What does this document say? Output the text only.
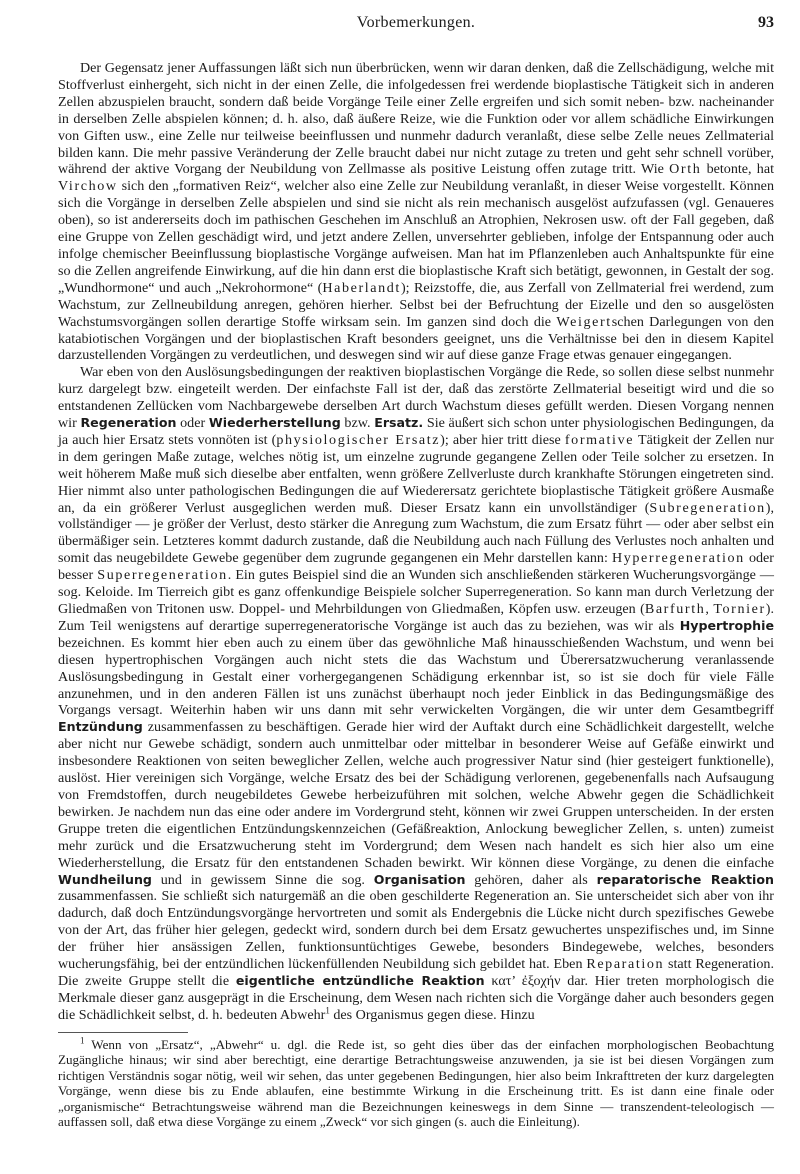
Vorbemerkungen.	93

Der Gegensatz jener Auffassungen läßt sich nun überbrücken, wenn wir daran denken, daß die Zellschädigung, welche mit Stoffverlust einhergeht, sich nicht in der einen Zelle, die infolgedessen frei werdende bioplastische Tätigkeit sich in anderen Zellen abzuspielen braucht, sondern daß beide Vorgänge Teile einer Zelle ergreifen und sich somit neben- bzw. nacheinander in derselben Zelle abspielen können; d. h. also, daß äußere Reize, wie die Funktion oder vor allem schädliche Einwirkungen von Giften usw., eine Zelle nur teilweise beeinflussen und nunmehr dadurch veranlaßt, diese selbe Zelle neues Zellmaterial bilden kann. Die mehr passive Veränderung der Zelle braucht dabei nur nicht zutage zu treten und geht sehr schnell vorüber, während der aktive Vorgang der Neubildung von Zellmasse als positive Leistung offen zutage tritt. Wie Orth betonte, hat Virchow sich den „formativen Reiz“, welcher also eine Zelle zur Neubildung veranlaßt, in dieser Weise vorgestellt. Können sich die Vorgänge in derselben Zelle abspielen und sind sie nicht als rein mechanisch ausgelöst aufzufassen (vgl. Genaueres oben), so ist andererseits doch im pathischen Geschehen im Anschluß an Atrophien, Nekrosen usw. oft der Fall gegeben, daß eine Gruppe von Zellen geschädigt wird, und jetzt andere Zellen, unversehrter geblieben, infolge der Entspannung oder auch infolge chemischer Beeinflussung bioplastische Vorgänge aufweisen. Man hat im Pflanzenleben auch Anhaltspunkte für eine so die Zellen angreifende Einwirkung, auf die hin dann erst die bioplastische Kraft sich betätigt, gewonnen, in Gestalt der sog. „Wundhormone“ und auch „Nekrohormone“ (Haberlandt); Reizstoffe, die, aus Zerfall von Zellmaterial frei werdend, zum Wachstum, zur Zellneubildung anregen, gehören hierher. Selbst bei der Befruchtung der Eizelle und den so ausgelösten Wachstumsvorgängen sollen derartige Stoffe wirksam sein. Im ganzen sind doch die Weigertschen Darlegungen von den katabiotischen Vorgängen und der bioplastischen Kraft besonders geeignet, uns die Verhältnisse bei den in diesem Kapitel darzustellenden Vorgängen zu verdeutlichen, und deswegen sind wir auf diese ganze Frage etwas genauer eingegangen.

War eben von den Auslösungsbedingungen der reaktiven bioplastischen Vorgänge die Rede, so sollen diese selbst nunmehr kurz dargelegt bzw. eingeteilt werden. Der einfachste Fall ist der, daß das zerstörte Zellmaterial beseitigt wird und die so entstandenen Zellücken vom Nachbargewebe derselben Art durch Wachstum dieses gefüllt werden. Diesen Vorgang nennen wir Regeneration oder Wiederherstellung bzw. Ersatz. Sie äußert sich schon unter physiologischen Bedingungen, da ja auch hier Ersatz stets vonnöten ist (physiologischer Ersatz); aber hier tritt diese formative Tätigkeit der Zellen nur in dem geringen Maße zutage, welches nötig ist, um einzelne zugrunde gegangene Zellen oder Teile solcher zu ersetzen. In weit höherem Maße muß sich dieselbe aber entfalten, wenn größere Zellverluste durch krankhafte Störungen eingetreten sind. Hier nimmt also unter pathologischen Bedingungen die auf Wiederersatz gerichtete bioplastische Tätigkeit größere Ausmaße an, da ein größerer Verlust ausgeglichen werden muß. Dieser Ersatz kann ein unvollständiger (Subregeneration), vollständiger — je größer der Verlust, desto stärker die Anregung zum Wachstum, die zum Ersatz führt — oder aber selbst ein übermäßiger sein. Letzteres kommt dadurch zustande, daß die Neubildung auch nach Füllung des Verlustes noch anhalten und somit das neugebildete Gewebe gegenüber dem zugrunde gegangenen ein Mehr darstellen kann: Hyperregeneration oder besser Superregeneration. Ein gutes Beispiel sind die an Wunden sich anschließenden stärkeren Wucherungsvorgänge — sog. Keloide. Im Tierreich gibt es ganz offenkundige Beispiele solcher Superregeneration. So kann man durch Verletzung der Gliedmaßen von Tritonen usw. Doppel- und Mehrbildungen von Gliedmaßen, Köpfen usw. erzeugen (Barfurth, Tornier). Zum Teil wenigstens auf derartige superregeneratorische Vorgänge ist auch das zu beziehen, was wir als Hypertrophie bezeichnen. Es kommt hier eben auch zu einem über das gewöhnliche Maß hinausschießenden Wachstum, und wenn bei diesen hypertrophischen Vorgängen auch nicht stets die das Wachstum und Überersatzwucherung veranlassende Auslösungsbedingung in Gestalt einer vorhergegangenen Schädigung erkennbar ist, so ist sie doch für viele Fälle anzunehmen, und in den anderen Fällen ist uns zunächst überhaupt noch jeder Einblick in das Bedingungsmäßige des Vorgangs versagt. Weiterhin haben wir uns dann mit sehr verwickelten Vorgängen, die wir unter dem Gesamtbegriff Entzündung zusammenfassen zu beschäftigen. Gerade hier wird der Auftakt durch eine Schädlichkeit dargestellt, welche aber nicht nur Gewebe schädigt, sondern auch unmittelbar oder mittelbar in besonderer Weise auf Gefäße einwirkt und insbesondere Reaktionen von seiten beweglicher Zellen, welche auch progressiver Natur sind (hier gesteigert funktionelle), auslöst. Hier vereinigen sich Vorgänge, welche Ersatz des bei der Schädigung verlorenen, gegebenenfalls nach Aufsaugung von Fremdstoffen, durch neugebildetes Gewebe herbeizuführen mit solchen, welche Abwehr gegen die Schädlichkeit bewirken. Je nachdem nun das eine oder andere im Vordergrund steht, können wir zwei Gruppen unterscheiden. In der ersten Gruppe treten die eigentlichen Entzündungskennzeichen (Gefäßreaktion, Anlockung beweglicher Zellen, s. unten) zumeist mehr zurück und die Ersatzwucherung steht im Vordergrund; dem Wesen nach handelt es sich hier also um eine Wiederherstellung, die Ersatz für den entstandenen Schaden bewirkt. Wir können diese Vorgänge, zu denen die einfache Wundheilung und in gewissem Sinne die sog. Organisation gehören, daher als reparatorische Reaktion zusammenfassen. Sie schließt sich naturgemäß an die oben geschilderte Regeneration an. Sie unterscheidet sich aber von ihr dadurch, daß doch Entzündungsvorgänge hervortreten und somit als Endergebnis die Lücke nicht durch spezifisches Gewebe von der Art, das früher hier gelegen, gedeckt wird, sondern durch bei dem Ersatz gewuchertes unspezifisches und, im Sinne der früher hier ansässigen Zellen, funktionsuntüchtiges Gewebe, besonders Bindegewebe, welches, besonders wucherungsfähig, bei der entzündlichen lückenfüllenden Neubildung sich gebildet hat. Eben Reparation statt Regeneration. Die zweite Gruppe stellt die eigentliche entzündliche Reaktion κατ’ ἐξοχήν dar. Hier treten morphologisch die Merkmale dieser ganz ausgeprägt in die Erscheinung, dem Wesen nach richten sich die Vorgänge daher auch besonders gegen die Schädlichkeit selbst, d. h. bedeuten Abwehr$^1$ des Organismus gegen diese. Hinzu

$^1$ Wenn von „Ersatz“, „Abwehr“ u. dgl. die Rede ist, so geht dies über das der einfachen morphologischen Beobachtung Zugängliche hinaus; wir sind aber berechtigt, eine derartige Betrachtungsweise anzuwenden, ja sie ist bei diesen Vorgängen zum richtigen Verständnis sogar nötig, weil wir sehen, das unter gegebenen Bedingungen, hier also beim Inkrafttreten der kurz dargelegten Vorgänge, wenn diese bis zu Ende ablaufen, eine bestimmte Wirkung in die Erscheinung tritt. Es ist dann eine finale oder „organismische“ Betrachtungsweise während man die Bezeichnungen keineswegs in dem Sinne — transzendent-teleologisch — auffassen soll, daß etwa diese Vorgänge zu einem „Zweck“ vor sich gingen (s. auch die Einleitung).
